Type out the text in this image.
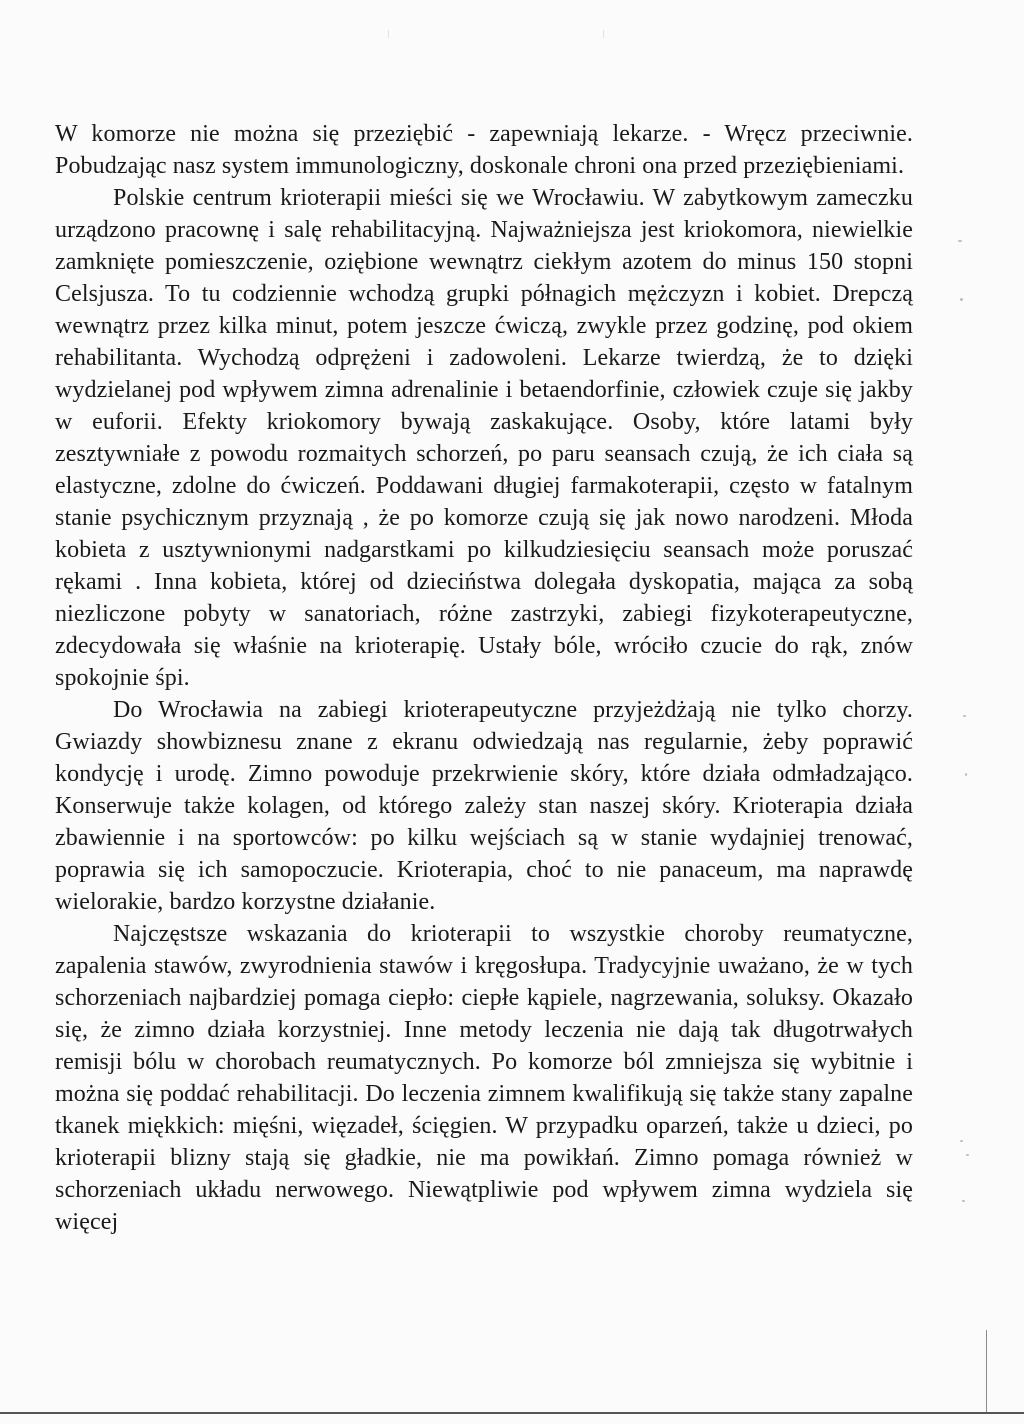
W komorze nie można się przeziębić - zapewniają lekarze. - Wręcz przeciwnie. Pobudzając nasz system immunologiczny, doskonale chroni ona przed przeziębieniami.

Polskie centrum krioterapii mieści się we Wrocławiu. W zabytkowym zameczku urządzono pracownę i salę rehabilitacyjną. Najważniejsza jest kriokomora, niewielkie zamknięte pomieszczenie, oziębione wewnątrz ciekłym azotem do minus 150 stopni Celsjusza. To tu codziennie wchodzą grupki półnagich mężczyzn i kobiet. Drepczą wewnątrz przez kilka minut, potem jeszcze ćwiczą, zwykle przez godzinę, pod okiem rehabilitanta. Wychodzą odprężeni i zadowoleni. Lekarze twierdzą, że to dzięki wydzielanej pod wpływem zimna adrenalinie i betaendorfinie, człowiek czuje się jakby w euforii. Efekty kriokomory bywają zaskakujące. Osoby, które latami były zesztywniałe z powodu rozmaitych schorzeń, po paru seansach czują, że ich ciała są elastyczne, zdolne do ćwiczeń. Poddawani długiej farmakoterapii, często w fatalnym stanie psychicznym przyznają , że po komorze czują się jak nowo narodzeni. Młoda kobieta z usztywnionymi nadgarstkami po kilkudziesięciu seansach może poruszać rękami . Inna kobieta, której od dzieciństwa dolegała dyskopatia, mająca za sobą niezliczone pobyty w sanatoriach, różne zastrzyki, zabiegi fizykoterapeutyczne, zdecydowała się właśnie na krioterapię. Ustały bóle, wróciło czucie do rąk, znów spokojnie śpi.

Do Wrocławia na zabiegi krioterapeutyczne przyjeżdżają nie tylko chorzy. Gwiazdy showbiznesu znane z ekranu odwiedzają nas regularnie, żeby poprawić kondycję i urodę. Zimno powoduje przekrwienie skóry, które działa odmładzająco. Konserwuje także kolagen, od którego zależy stan naszej skóry. Krioterapia działa zbawiennie i na sportowców: po kilku wejściach są w stanie wydajniej trenować, poprawia się ich samopoczucie. Krioterapia, choć to nie panaceum, ma naprawdę wielorakie, bardzo korzystne działanie.

Najczęstsze wskazania do krioterapii to wszystkie choroby reumatyczne, zapalenia stawów, zwyrodnienia stawów i kręgosłupa. Tradycyjnie uważano, że w tych schorzeniach najbardziej pomaga ciepło: ciepłe kąpiele, nagrzewania, soluksy. Okazało się, że zimno działa korzystniej. Inne metody leczenia nie dają tak długotrwałych remisji bólu w chorobach reumatycznych. Po komorze ból zmniejsza się wybitnie i można się poddać rehabilitacji. Do leczenia zimnem kwalifikują się także stany zapalne tkanek miękkich: mięśni, więzadeł, ścięgien. W przypadku oparzeń, także u dzieci, po krioterapii blizny stają się gładkie, nie ma powikłań. Zimno pomaga również w schorzeniach układu nerwowego. Niewątpliwie pod wpływem zimna wydziela się więcej
